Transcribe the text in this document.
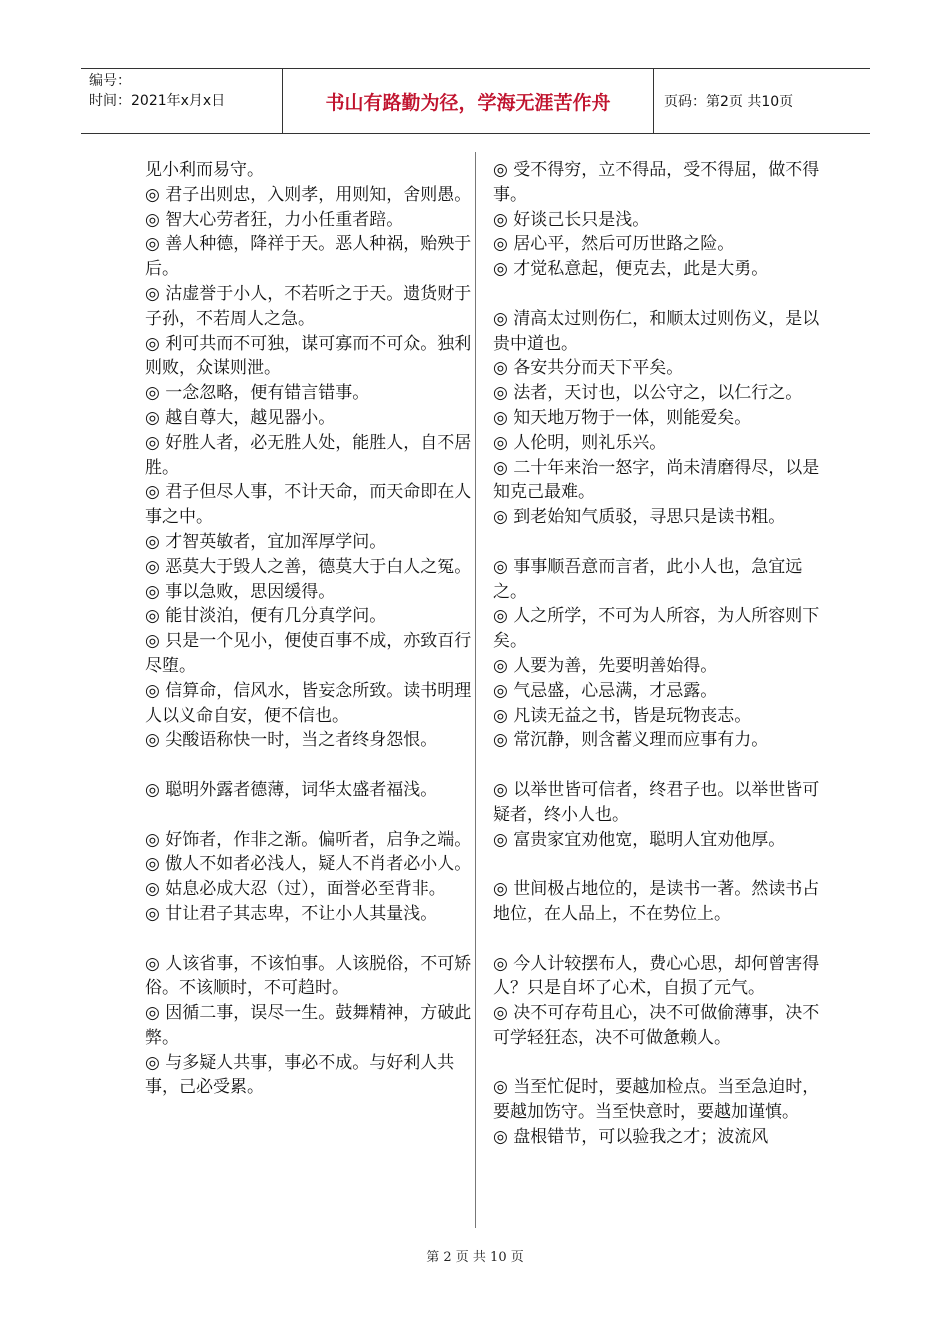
编号：
时间：2021年x月x日	书山有路勤为径，学海无涯苦作舟	页码：第2页 共10页

见小利而易守。

◎ 君子出则忠，入则孝，用则知，舍则愚。

◎ 智大心劳者狂，力小任重者踣。

◎ 善人种德，降祥于天。恶人种祸，贻殃于后。

◎ 沽虚誉于小人，不若听之于天。遗货财于子孙，不若周人之急。

◎ 利可共而不可独，谋可寡而不可众。独利则败，众谋则泄。

◎ 一念忽略，便有错言错事。

◎ 越自尊大，越见器小。

◎ 好胜人者，必无胜人处，能胜人，自不居胜。

◎ 君子但尽人事，不计天命，而天命即在人事之中。

◎ 才智英敏者，宜加浑厚学问。

◎ 恶莫大于毁人之善，德莫大于白人之冤。

◎ 事以急败，思因缓得。

◎ 能甘淡泊，便有几分真学问。

◎ 只是一个见小，便使百事不成，亦致百行尽堕。

◎ 信算命，信风水，皆妄念所致。读书明理人以义命自安，便不信也。

◎ 尖酸语称快一时，当之者终身怨恨。

◎ 聪明外露者德薄，词华太盛者福浅。

◎ 好饰者，作非之渐。偏听者，启争之端。

◎ 傲人不如者必浅人，疑人不肖者必小人。

◎ 姑息必成大忍（过），面誉必至背非。

◎ 甘让君子其志卑，不让小人其量浅。

◎ 人该省事，不该怕事。人该脱俗，不可矫俗。不该顺时，不可趋时。

◎ 因循二事，误尽一生。鼓舞精神，方破此弊。

◎ 与多疑人共事，事必不成。与好利人共事，己必受累。

◎ 受不得穷，立不得品，受不得屈，做不得事。

◎ 好谈己长只是浅。

◎ 居心平，然后可历世路之险。

◎ 才觉私意起，便克去，此是大勇。

◎ 清高太过则伤仁，和顺太过则伤义，是以贵中道也。

◎ 各安共分而天下平矣。

◎ 法者，天讨也，以公守之，以仁行之。

◎ 知天地万物于一体，则能爱矣。

◎ 人伦明，则礼乐兴。

◎ 二十年来治一怒字，尚未清磨得尽，以是知克己最难。

◎ 到老始知气质驳，寻思只是读书粗。

◎ 事事顺吾意而言者，此小人也，急宜远之。

◎ 人之所学，不可为人所容，为人所容则下矣。

◎ 人要为善，先要明善始得。

◎ 气忌盛，心忌满，才忌露。

◎ 凡读无益之书，皆是玩物丧志。

◎ 常沉静，则含蓄义理而应事有力。

◎ 以举世皆可信者，终君子也。以举世皆可疑者，终小人也。

◎ 富贵家宜劝他宽，聪明人宜劝他厚。

◎ 世间极占地位的，是读书一著。然读书占地位，在人品上，不在势位上。

◎ 今人计较摆布人，费心心思，却何曾害得人？只是自坏了心术，自损了元气。

◎ 决不可存苟且心，决不可做偷薄事，决不可学轻狂态，决不可做惫赖人。

◎ 当至忙促时，要越加检点。当至急迫时，要越加饬守。当至快意时，要越加谨慎。

◎ 盘根错节，可以验我之才；波流风

第 2 页 共 10 页
